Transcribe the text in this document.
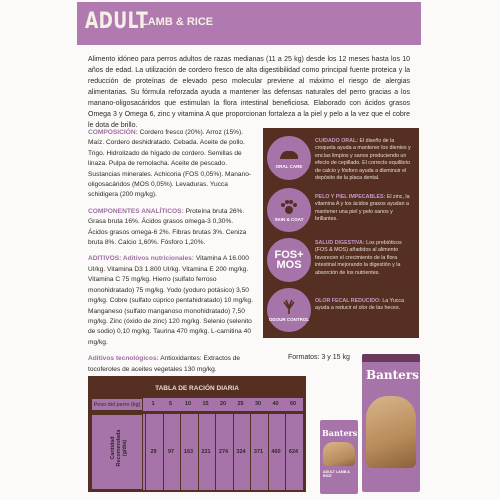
ADULT
LAMB & RICE

Alimento idóneo para perros adultos de razas medianas (11 a 25 kg) desde los 12 meses hasta los 10 años de edad. La utilización de cordero fresco de alta digestibilidad como principal fuente proteica y la reducción de proteínas de elevado peso molecular previene al máximo el riesgo de alergias alimentarias. Su fórmula reforzada ayuda a mantener las defensas naturales del perro gracias a los manano-oligosacáridos que estimulan la flora intestinal beneficiosa. Elaborado con ácidos grasos Omega 3 y Omega 6, zinc y vitamina A que proporcionan fortaleza a la piel y pelo a la vez que el cobre le dota de brillo.

COMPOSICIÓN: Cordero fresco (20%). Arroz (15%). Maíz. Cordero deshidratado. Cebada. Aceite de pollo. Trigo. Hidrolizado de hígado de cordero. Semillas de linaza. Pulpa de remolacha. Aceite de pescado. Sustancias minerales. Achicoria (FOS 0,05%). Manano-oligosacáridos (MOS 0,05%). Levaduras. Yucca schidigera (200 mg/kg).

COMPONENTES ANALÍTICOS: Proteína bruta 26%. Grasa bruta 16%. Ácidos grasos omega-3 0,30%. Ácidos grasos omega-6 2%. Fibras brutas 3%. Ceniza bruta 8%. Calcio 1,60%. Fósforo 1,20%.

ADITIVOS: Aditivos nutricionales: Vitamina A 16.000 UI/kg. Vitamina D3 1.800 UI/kg. Vitamina E 200 mg/kg. Vitamina C 75 mg/kg. Hierro (sulfato ferroso monohidratado) 75 mg/kg. Yodo (yoduro potásico) 3,50 mg/kg. Cobre (sulfato cúprico pentahidratado) 10 mg/kg. Manganeso (sulfato manganoso monohidratado) 7,50 mg/kg. Zinc (óxido de zinc) 120 mg/kg. Selenio (selenito de sodio) 0,10 mg/kg. Taurina 470 mg/kg. L-carnitina 40 mg/kg.

Aditivos tecnológicos: Antioxidantes: Extractos de tocoferoles de aceites vegetales 130 mg/kg.

ORAL CARE
CUIDADO ORAL: El diseño de la croqueta ayuda a mantener los dientes y encías limpios y sanos produciendo un efecto de cepillado. El correcto equilibrio de calcio y fósforo ayuda a disminuir el depósito de la placa dental.
SKIN & COAT
PELO Y PIEL IMPECABLES: El zinc, la vitamina A y los ácidos grasos ayudan a mantener una piel y pelo sanos y brillantes.
FOS+ MOS
SALUD DIGESTIVA: Los prebióticos (FOS & MOS) añadidos al alimento favorecen el crecimiento de la flora intestinal mejorando la digestión y la absorción de los nutrientes.
ODOUR CONTROL
OLOR FECAL REDUCIDO: La Yucca ayuda a reducir el olor de las heces.
Formatos: 3 y 15 kg
TABLA DE RACIÓN DIARIA
Peso del perro (kg)	1	5	10	15	20	25	30	40	60
Cantidad Recomendada (g/día)	29	97	163	221	274	324	371	460	624
Banters
Banters
ADULT LAMB & RICE
